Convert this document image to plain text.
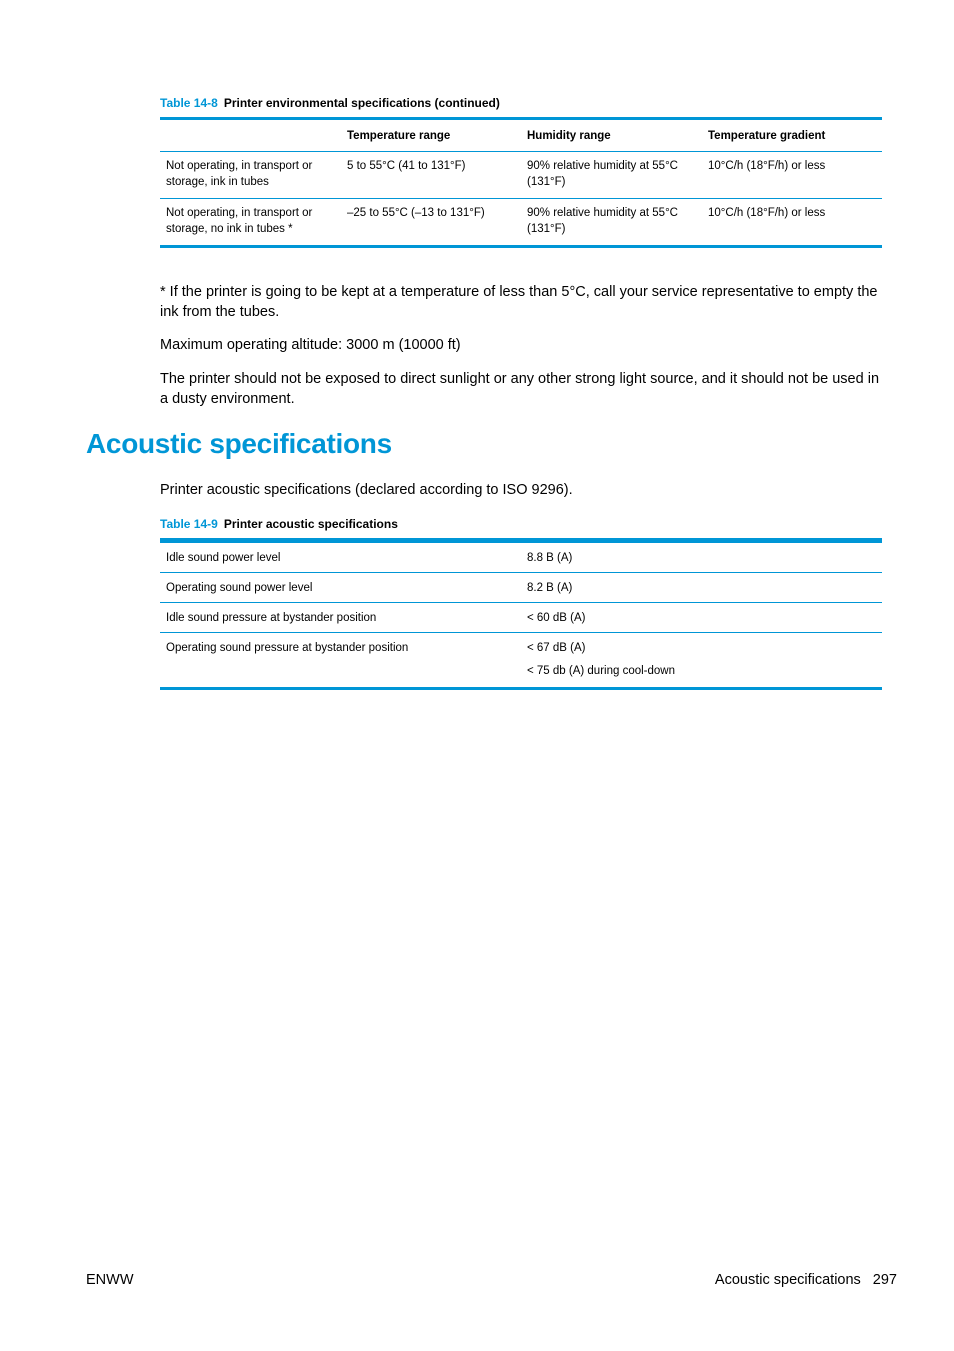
Table 14-8 Printer environmental specifications (continued)
	Temperature range	Humidity range	Temperature gradient
Not operating, in transport or storage, ink in tubes	5 to 55°C (41 to 131°F)	90% relative humidity at 55°C (131°F)	10°C/h (18°F/h) or less
Not operating, in transport or storage, no ink in tubes *	–25 to 55°C (–13 to 131°F)	90% relative humidity at 55°C (131°F)	10°C/h (18°F/h) or less
* If the printer is going to be kept at a temperature of less than 5°C, call your service representative to empty the ink from the tubes.
Maximum operating altitude: 3000 m (10000 ft)
The printer should not be exposed to direct sunlight or any other strong light source, and it should not be used in a dusty environment.
Acoustic specifications
Printer acoustic specifications (declared according to ISO 9296).
Table 14-9 Printer acoustic specifications
Idle sound power level	8.8 B (A)
Operating sound power level	8.2 B (A)
Idle sound pressure at bystander position	< 60 dB (A)
Operating sound pressure at bystander position	< 67 dB (A)
	< 75 db (A) during cool-down
ENWW	Acoustic specifications 297
